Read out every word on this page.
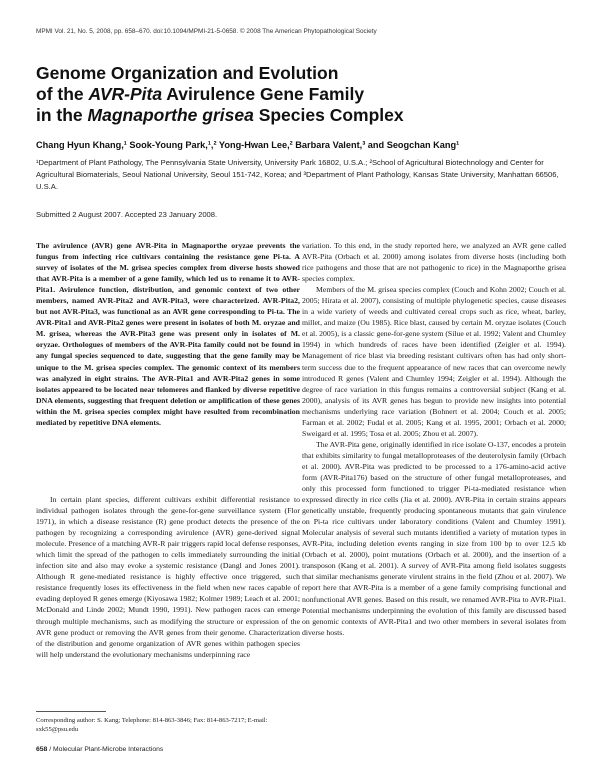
MPMI Vol. 21, No. 5, 2008, pp. 658–670. doi:10.1094/MPMI-21-5-0658. © 2008 The American Phytopathological Society
Genome Organization and Evolution
of the AVR-Pita Avirulence Gene Family
in the Magnaporthe grisea Species Complex
Chang Hyun Khang,¹ Sook-Young Park,¹,² Yong-Hwan Lee,² Barbara Valent,³ and Seogchan Kang¹
¹Department of Plant Pathology, The Pennsylvania State University, University Park 16802, U.S.A.; ²School of Agricultural Biotechnology and Center for Agricultural Biomaterials, Seoul National University, Seoul 151-742, Korea; and ³Department of Plant Pathology, Kansas State University, Manhattan 66506, U.S.A.
Submitted 2 August 2007. Accepted 23 January 2008.

The avirulence (AVR) gene AVR-Pita in Magnaporthe oryzae prevents the fungus from infecting rice cultivars containing the resistance gene Pi-ta. A survey of isolates of the M. grisea species complex from diverse hosts showed that AVR-Pita is a member of a gene family, which led us to rename it to AVR-Pita1. Avirulence function, distribution, and genomic context of two other members, named AVR-Pita2 and AVR-Pita3, were characterized. AVR-Pita2, but not AVR-Pita3, was functional as an AVR gene corresponding to Pi-ta. The AVR-Pita1 and AVR-Pita2 genes were present in isolates of both M. oryzae and M. grisea, whereas the AVR-Pita3 gene was present only in isolates of M. oryzae. Orthologues of members of the AVR-Pita family could not be found in any fungal species sequenced to date, suggesting that the gene family may be unique to the M. grisea species complex. The genomic context of its members was analyzed in eight strains. The AVR-Pita1 and AVR-Pita2 genes in some isolates appeared to be located near telomeres and flanked by diverse repetitive DNA elements, suggesting that frequent deletion or amplification of these genes within the M. grisea species complex might have resulted from recombination mediated by repetitive DNA elements.

In certain plant species, different cultivars exhibit differential resistance to individual pathogen isolates through the gene-for-gene surveillance system (Flor 1971), in which a disease resistance (R) gene product detects the presence of the pathogen by recognizing a corresponding avirulence (AVR) gene-derived signal molecule. Presence of a matching AVR-R pair triggers rapid local defense responses, which limit the spread of the pathogen to cells immediately surrounding the initial infection site and also may evoke a systemic resistance (Dangl and Jones 2001). Although R gene-mediated resistance is highly effective once triggered, such resistance frequently loses its effectiveness in the field when new races capable of evading deployed R genes emerge (Kiyosawa 1982; Kolmer 1989; Leach et al. 2001; McDonald and Linde 2002; Mundt 1990, 1991). New pathogen races can emerge through multiple mechanisms, such as modifying the structure or expression of the AVR gene product or removing the AVR genes from their genome. Characterization of the distribution and genome organization of AVR genes within pathogen species will help understand the evolutionary mechanisms underpinning race

Corresponding author: S. Kang; Telephone: 814-863-3846; Fax: 814-863-7217; E-mail: sxk55@psu.edu

variation. To this end, in the study reported here, we analyzed an AVR gene called AVR-Pita (Orbach et al. 2000) among isolates from diverse hosts (including both rice pathogens and those that are not pathogenic to rice) in the Magnaporthe grisea species complex.

Members of the M. grisea species complex (Couch and Kohn 2002; Couch et al. 2005; Hirata et al. 2007), consisting of multiple phylogenetic species, cause diseases in a wide variety of weeds and cultivated cereal crops such as rice, wheat, barley, millet, and maize (Ou 1985). Rice blast, caused by certain M. oryzae isolates (Couch et al. 2005), is a classic gene-for-gene system (Silue et al. 1992; Valent and Chumley 1994) in which hundreds of races have been identified (Zeigler et al. 1994). Management of rice blast via breeding resistant cultivars often has had only short-term success due to the frequent appearance of new races that can overcome newly introduced R genes (Valent and Chumley 1994; Zeigler et al. 1994). Although the degree of race variation in this fungus remains a controversial subject (Kang et al. 2000), analysis of its AVR genes has begun to provide new insights into potential mechanisms underlying race variation (Bohnert et al. 2004; Couch et al. 2005; Farman et al. 2002; Fudal et al. 2005; Kang et al. 1995, 2001; Orbach et al. 2000; Sweigard et al. 1995; Tosa et al. 2005; Zhou et al. 2007).

The AVR-Pita gene, originally identified in rice isolate O-137, encodes a protein that exhibits similarity to fungal metalloproteases of the deuterolysin family (Orbach et al. 2000). AVR-Pita was predicted to be processed to a 176-amino-acid active form (AVR-Pita176) based on the structure of other fungal metalloproteases, and only this processed form functioned to trigger Pi-ta-mediated resistance when expressed directly in rice cells (Jia et al. 2000). AVR-Pita in certain strains appears genetically unstable, frequently producing spontaneous mutants that gain virulence on Pi-ta rice cultivars under laboratory conditions (Valent and Chumley 1991). Molecular analysis of several such mutants identified a variety of mutation types in AVR-Pita, including deletion events ranging in size from 100 bp to over 12.5 kb (Orbach et al. 2000), point mutations (Orbach et al. 2000), and the insertion of a transposon (Kang et al. 2001). A survey of AVR-Pita among field isolates suggests that similar mechanisms generate virulent strains in the field (Zhou et al. 2007). We report here that AVR-Pita is a member of a gene family comprising functional and nonfunctional AVR genes. Based on this result, we renamed AVR-Pita to AVR-Pita1. Potential mechanisms underpinning the evolution of this family are discussed based on genomic contexts of AVR-Pita1 and two other members in several isolates from diverse hosts.

658 / Molecular Plant-Microbe Interactions
